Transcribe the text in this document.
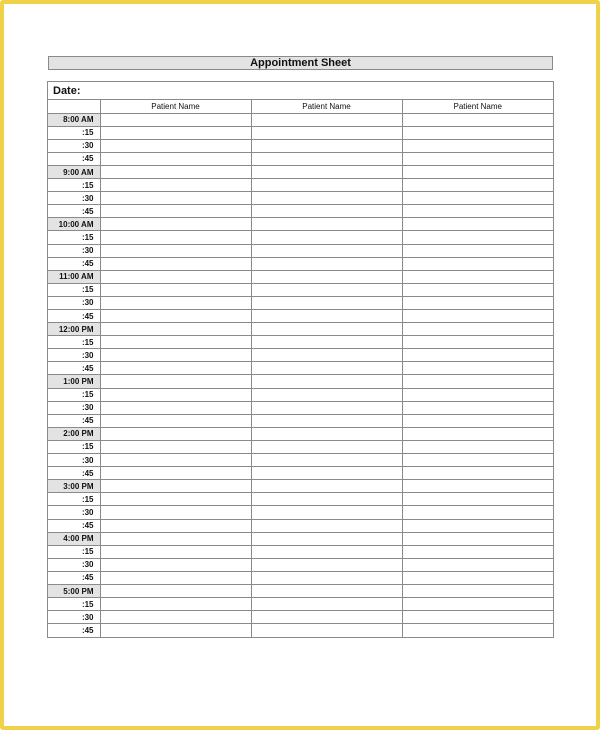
Appointment Sheet
Date:
	Patient Name	Patient Name	Patient Name
8:00 AM			
:15			
:30			
:45			
9:00 AM			
:15			
:30			
:45			
10:00 AM			
:15			
:30			
:45			
11:00 AM			
:15			
:30			
:45			
12:00 PM			
:15			
:30			
:45			
1:00 PM			
:15			
:30			
:45			
2:00 PM			
:15			
:30			
:45			
3:00 PM			
:15			
:30			
:45			
4:00 PM			
:15			
:30			
:45			
5:00 PM			
:15			
:30			
:45			
